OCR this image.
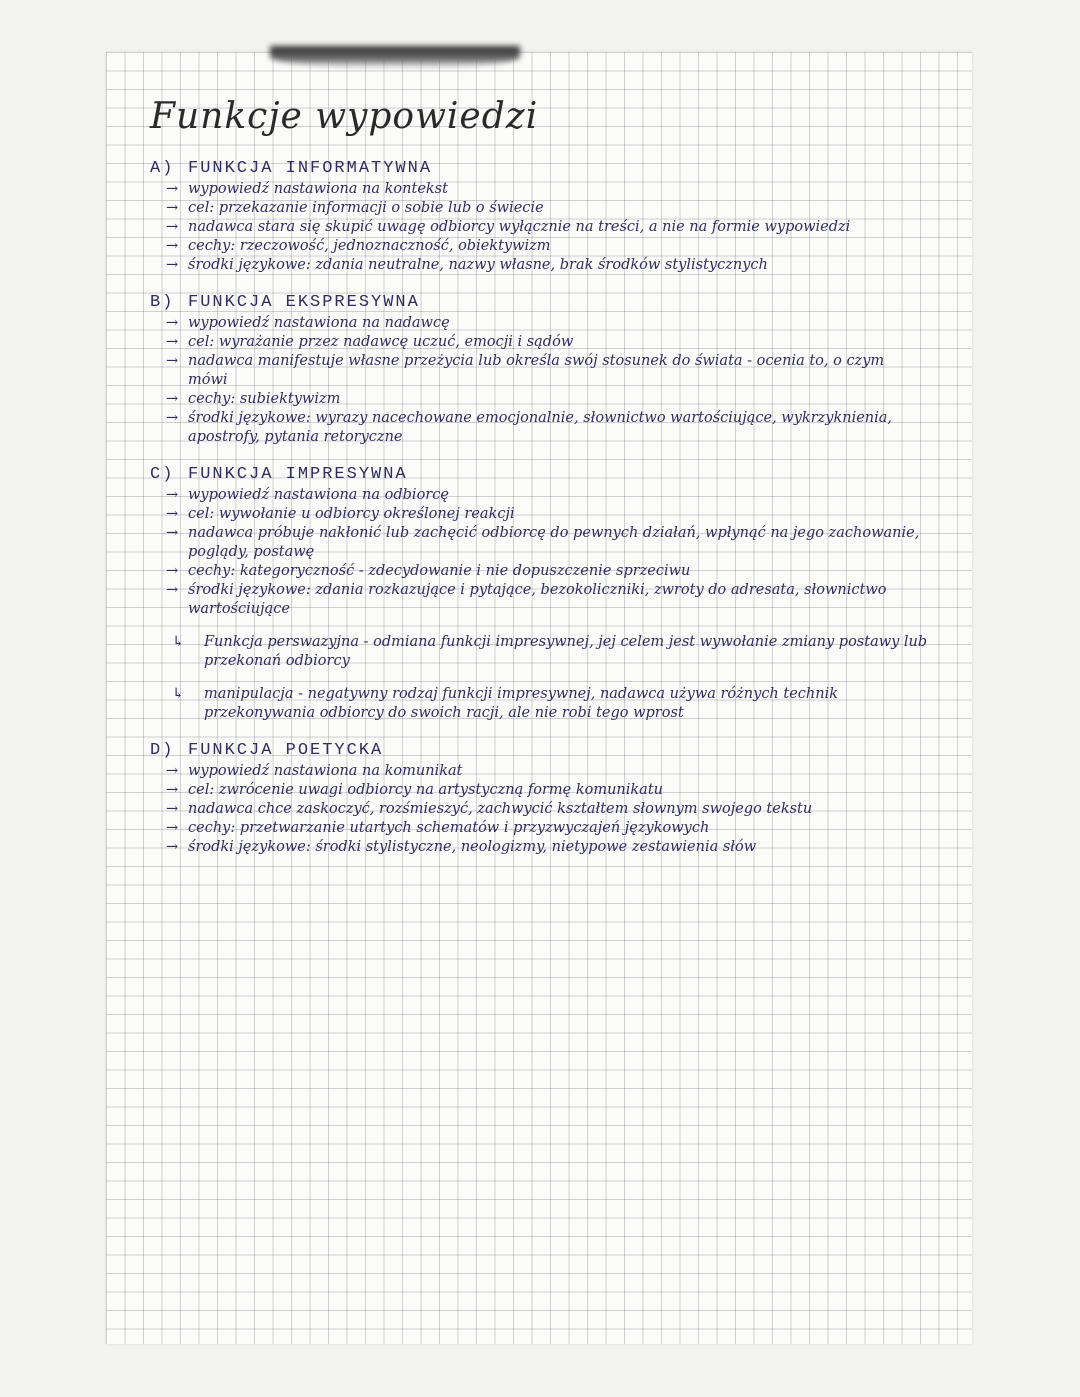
Funkcje wypowiedzi
A) FUNKCJA INFORMATYWNA
→ wypowiedź nastawiona na kontekst
→ cel: przekazanie informacji o sobie lub o świecie
→ nadawca stara się skupić uwagę odbiorcy wyłącznie na treści, a nie na formie wypowiedzi
→ cechy: rzeczowość, jednoznaczność, obiektywizm
→ środki językowe: zdania neutralne, nazwy własne, brak środków stylistycznych
B) FUNKCJA EKSPRESYWNA
→ wypowiedź nastawiona na nadawcę
→ cel: wyrażanie przez nadawcę uczuć, emocji i sądów
→ nadawca manifestuje własne przeżycia lub określa swój stosunek do świata - ocenia to, o czym mówi
→ cechy: subiektywizm
→ środki językowe: wyrazy nacechowane emocjonalnie, słownictwo wartościujące, wykrzyknienia, apostrofy, pytania retoryczne
C) FUNKCJA IMPRESYWNA
→ wypowiedź nastawiona na odbiorcę
→ cel: wywołanie u odbiorcy określonej reakcji
→ nadawca próbuje nakłonić lub zachęcić odbiorcę do pewnych działań, wpłynąć na jego zachowanie, poglądy, postawę
→ cechy: kategoryczność - zdecydowanie i nie dopuszczenie sprzeciwu
→ środki językowe: zdania rozkazujące i pytające, bezokoliczniki, zwroty do adresata, słownictwo wartościujące
↳	Funkcja perswazyjna - odmiana funkcji impresywnej, jej celem jest wywołanie zmiany postawy lub przekonań odbiorcy
↳	manipulacja - negatywny rodzaj funkcji impresywnej, nadawca używa różnych technik przekonywania odbiorcy do swoich racji, ale nie robi tego wprost
D) FUNKCJA POETYCKA
→ wypowiedź nastawiona na komunikat
→ cel: zwrócenie uwagi odbiorcy na artystyczną formę komunikatu
→ nadawca chce zaskoczyć, rozśmieszyć, zachwycić kształtem słownym swojego tekstu
→ cechy: przetwarzanie utartych schematów i przyzwyczajeń językowych
→ środki językowe: środki stylistyczne, neologizmy, nietypowe zestawienia słów
